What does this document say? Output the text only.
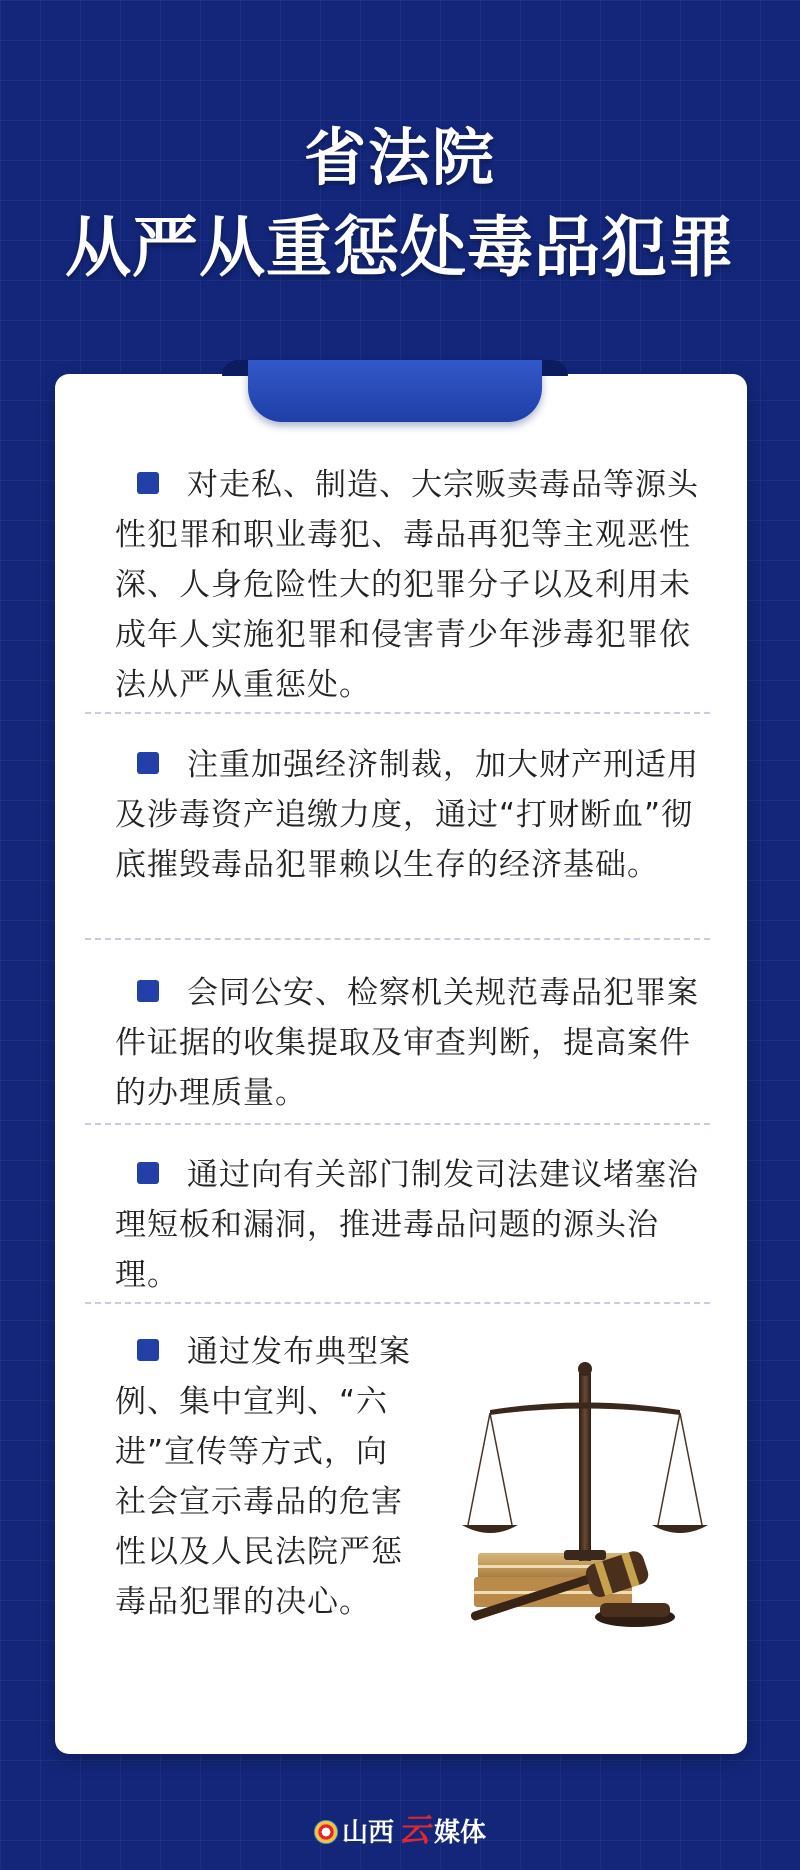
省法院
从严从重惩处毒品犯罪
对走私、制造、大宗贩卖毒品等源头性犯罪和职业毒犯、毒品再犯等主观恶性深、人身危险性大的犯罪分子以及利用未成年人实施犯罪和侵害青少年涉毒犯罪依法从严从重惩处。
注重加强经济制裁，加大财产刑适用及涉毒资产追缴力度，通过“打财断血”彻底摧毁毒品犯罪赖以生存的经济基础。
会同公安、检察机关规范毒品犯罪案件证据的收集提取及审查判断，提高案件的办理质量。
通过向有关部门制发司法建议堵塞治理短板和漏洞，推进毒品问题的源头治理。
通过发布典型案例、集中宣判、“六进”宣传等方式，向社会宣示毒品的危害性以及人民法院严惩毒品犯罪的决心。
山西 云 媒体
